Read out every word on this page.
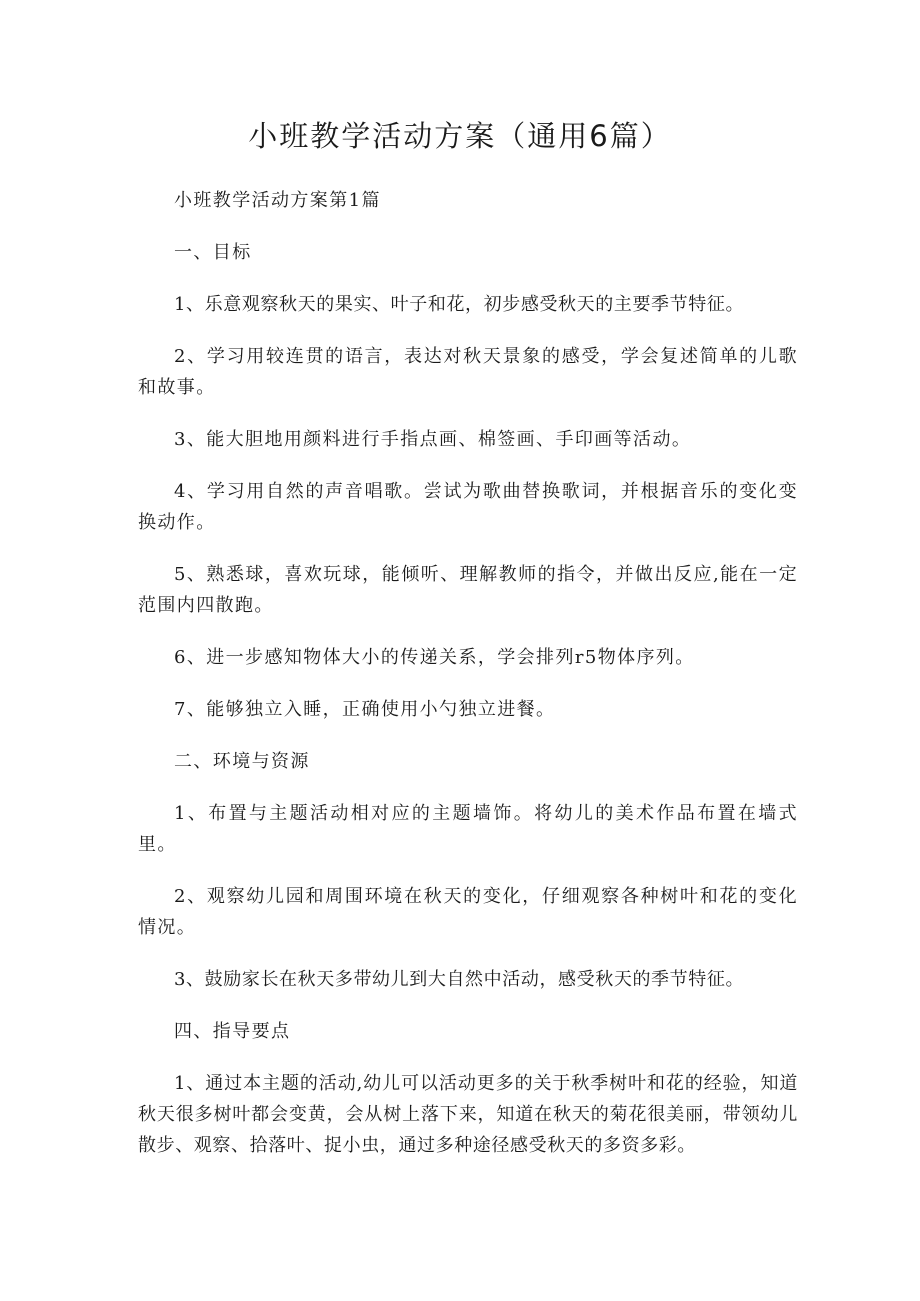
小班教学活动方案（通用6篇）

小班教学活动方案第1篇

一、目标

1、乐意观察秋天的果实、叶子和花，初步感受秋天的主要季节特征。

2、学习用较连贯的语言，表达对秋天景象的感受，学会复述简单的儿歌和故事。

3、能大胆地用颜料进行手指点画、棉签画、手印画等活动。

4、学习用自然的声音唱歌。尝试为歌曲替换歌词，并根据音乐的变化变换动作。

5、熟悉球，喜欢玩球，能倾听、理解教师的指令，并做出反应,能在一定范围内四散跑。

6、进一步感知物体大小的传递关系，学会排列r5物体序列。

7、能够独立入睡，正确使用小勺独立进餐。

二、环境与资源

1、布置与主题活动相对应的主题墙饰。将幼儿的美术作品布置在墙式里。

2、观察幼儿园和周围环境在秋天的变化，仔细观察各种树叶和花的变化情况。

3、鼓励家长在秋天多带幼儿到大自然中活动，感受秋天的季节特征。

四、指导要点

1、通过本主题的活动,幼儿可以活动更多的关于秋季树叶和花的经验，知道秋天很多树叶都会变黄，会从树上落下来，知道在秋天的菊花很美丽，带领幼儿散步、观察、拾落叶、捉小虫，通过多种途径感受秋天的多资多彩。
